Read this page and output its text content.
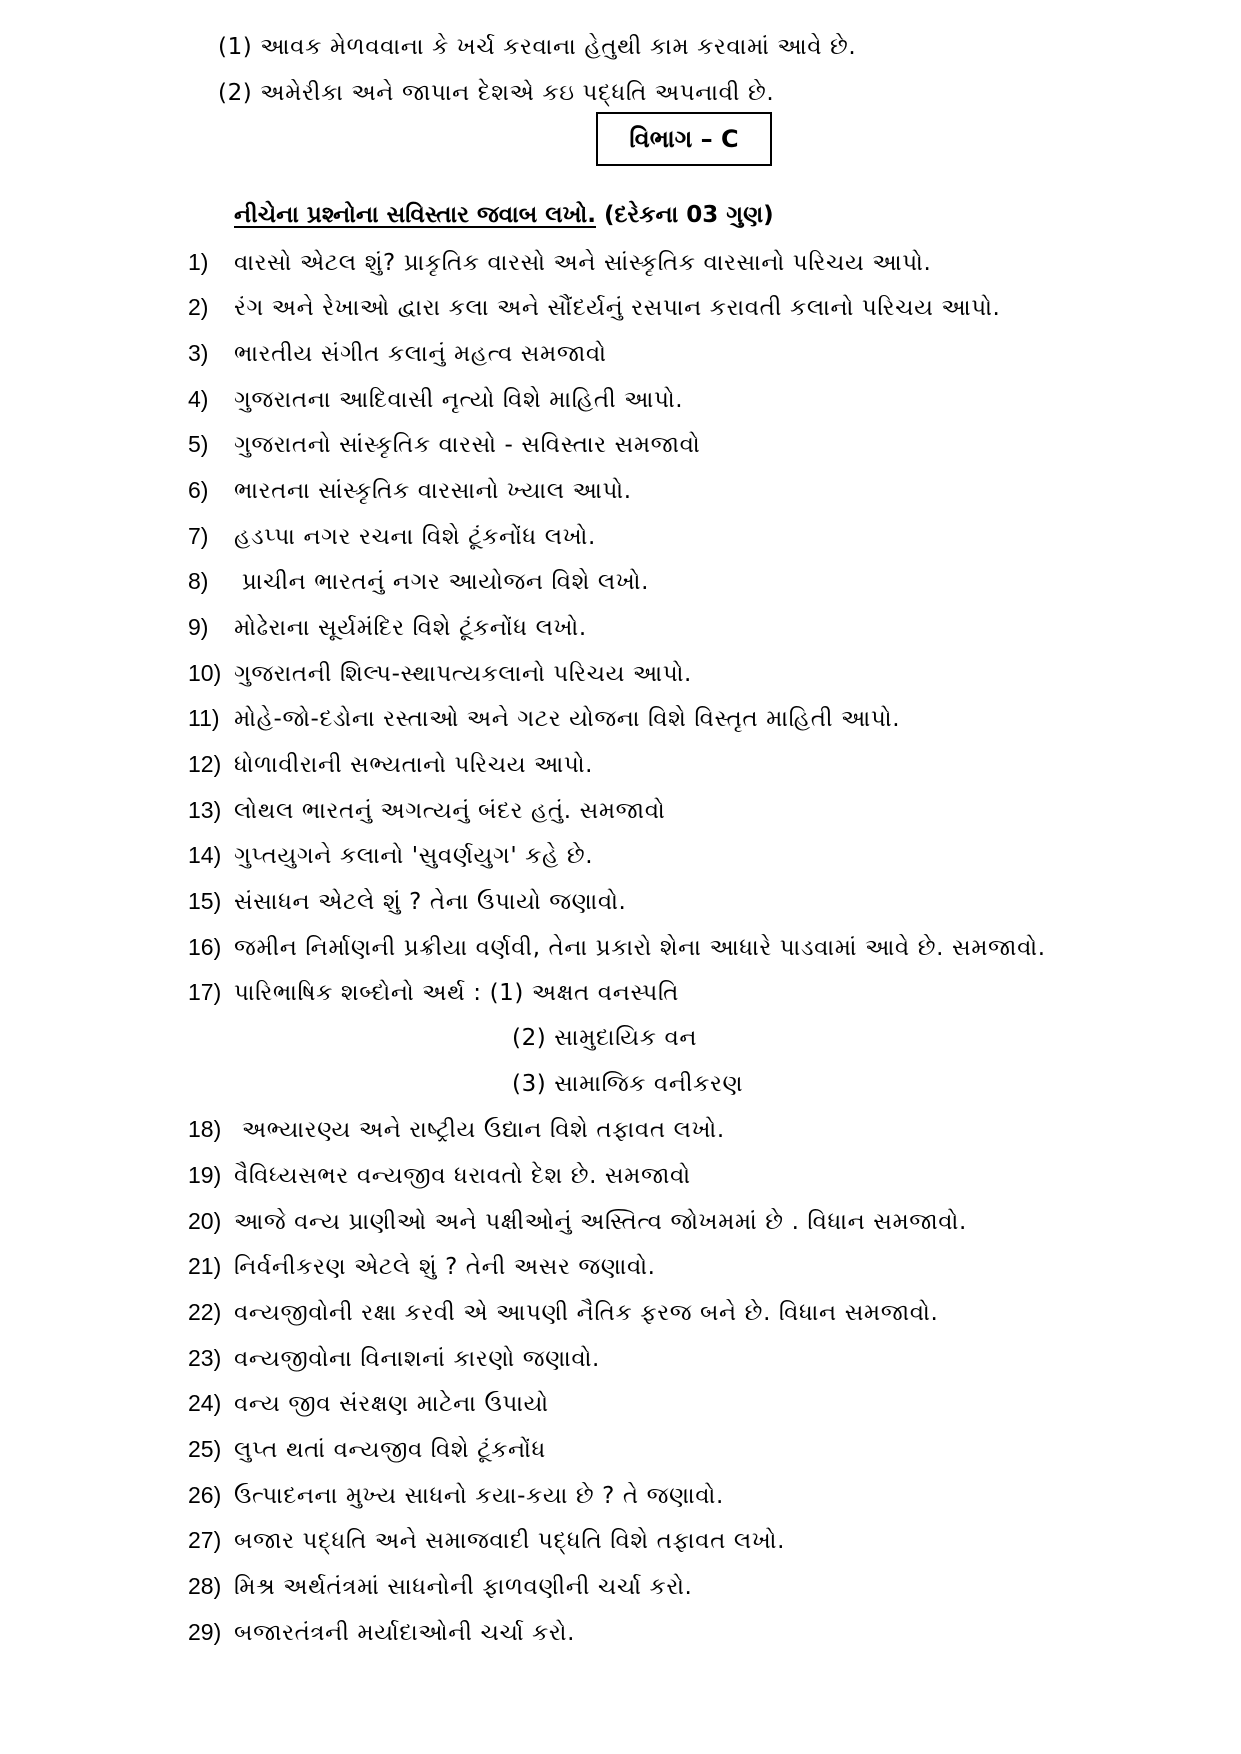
(1) આવક મેળવવાના કે ખર્ચ કરવાના હેતુથી કામ કરવામાં આવે છે.
(2) અમેરીકા અને જાપાન દેશએ કઇ પદ્ધતિ અપનાવી છે.
વિભાગ – C
નીચેના પ્રશ્નોના સવિસ્તાર જવાબ લખો. (દરેકના 03 ગુણ)
1) વારસો એટલ શું? પ્રાકૃતિક વારસો અને સાંસ્કૃતિક વારસાનો પરિચય આપો.
2) રંગ અને રેખાઓ દ્વારા કલા અને સૌંદર્યનું રસપાન કરાવતી કલાનો પરિચય આપો.
3) ભારતીય સંગીત કલાનું મહત્વ સમજાવો
4) ગુજરાતના આદિવાસી નૃત્યો વિશે માહિતી આપો.
5) ગુજરાતનો સાંસ્કૃતિક વારસો - સવિસ્તાર સમજાવો
6) ભારતના સાંસ્કૃતિક વારસાનો ખ્યાલ આપો.
7) હડપ્પા નગર રચના વિશે ટૂંકનોંધ લખો.
8) પ્રાચીન ભારતનું નગર આયોજન વિશે લખો.
9) મોઢેરાના સૂર્યમંદિર વિશે ટૂંકનોંધ લખો.
10) ગુજરાતની શિલ્પ-સ્થાપત્યકલાનો પરિચય આપો.
11) મોહે-જો-દડોના રસ્તાઓ અને ગટર યોજના વિશે વિસ્તૃત માહિતી આપો.
12) ધોળાવીરાની સભ્યતાનો પરિચય આપો.
13) લોથલ ભારતનું અગત્યનું બંદર હતું. સમજાવો
14) ગુપ્તયુગને કલાનો 'સુવર્ણયુગ' કહે છે.
15) સંસાધન એટલે શું ? તેના ઉપાયો જણાવો.
16) જમીન નિર્માણની પ્રક્રીયા વર્ણવી, તેના પ્રકારો શેના આધારે પાડવામાં આવે છે. સમજાવો.
17) પારિભાષિક શબ્દોનો અર્થ : (1) અક્ષત વનસ્પતિ
(2) સામુદાયિક વન
(3) સામાજિક વનીકરણ
18) અભ્યારણ્ય અને રાષ્ટ્રીય ઉદ્યાન વિશે તફાવત લખો.
19) વૈવિધ્યસભર વન્યજીવ ધરાવતો દેશ છે. સમજાવો
20) આજે વન્ય પ્રાણીઓ અને પક્ષીઓનું અસ્તિત્વ જોખમમાં છે . વિધાન સમજાવો.
21) નિર્વનીકરણ એટલે શું ? તેની અસર જણાવો.
22) વન્યજીવોની રક્ષા કરવી એ આપણી નૈતિક ફરજ બને છે. વિધાન સમજાવો.
23) વન્યજીવોના વિનાશનાં કારણો જણાવો.
24) વન્ય જીવ સંરક્ષણ માટેના ઉપાયો
25) લુપ્ત થતાં વન્યજીવ વિશે ટૂંકનોંધ
26) ઉત્પાદનના મુખ્ય સાધનો કયા-કયા છે ? તે જણાવો.
27) બજાર પદ્ધતિ અને સમાજવાદી પદ્ધતિ વિશે તફાવત લખો.
28) મિશ્ર અર્થતંત્રમાં સાધનોની ફાળવણીની ચર્ચા કરો.
29) બજારતંત્રની મર્યાદાઓની ચર્ચા કરો.
